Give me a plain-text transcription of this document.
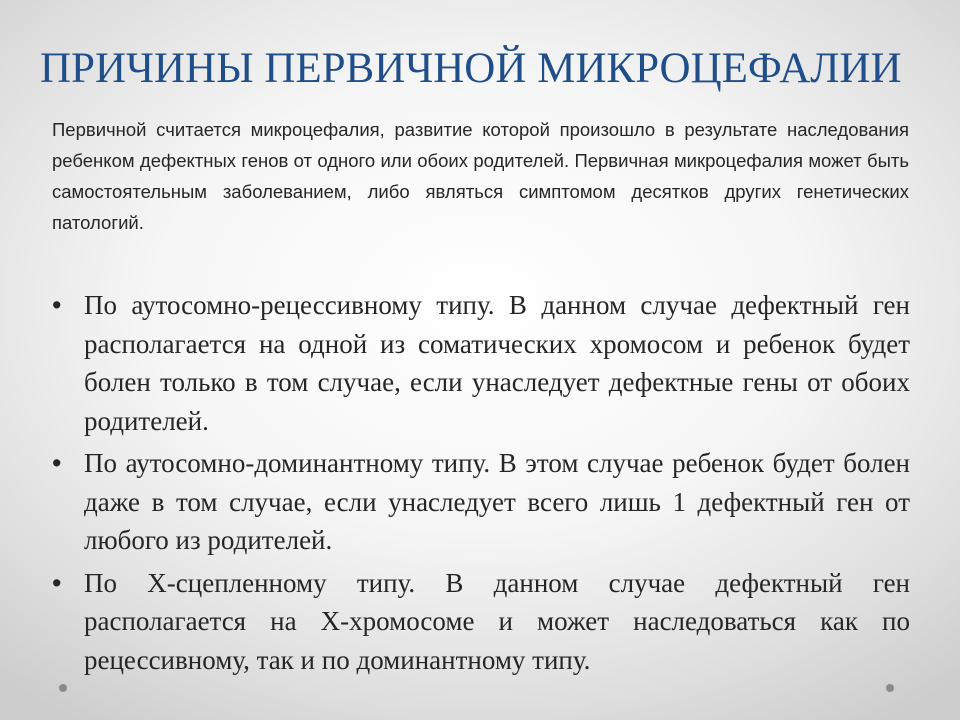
ПРИЧИНЫ ПЕРВИЧНОЙ МИКРОЦЕФАЛИИ

Первичной считается микроцефалия, развитие которой произошло в результате наследования ребенком дефектных генов от одного или обоих родителей. Первичная микроцефалия может быть самостоятельным заболеванием, либо являться симптомом десятков других генетических патологий.

• По аутосомно-рецессивному типу. В данном случае дефектный ген располагается на одной из соматических хромосом и ребенок будет болен только в том случае, если унаследует дефектные гены от обоих родителей.
• По аутосомно-доминантному типу. В этом случае ребенок будет болен даже в том случае, если унаследует всего лишь 1 дефектный ген от любого из родителей.
• По Х-сцепленному типу. В данном случае дефектный ген располагается на Х-хромосоме и может наследоваться как по рецессивному, так и по доминантному типу.
